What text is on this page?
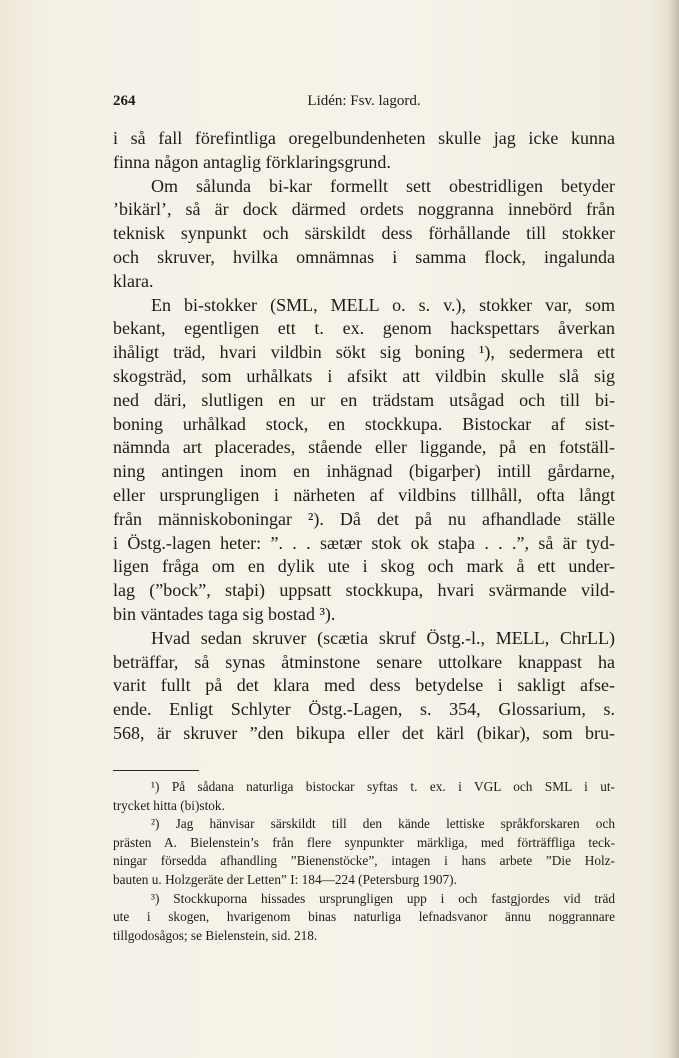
264	Lidén: Fsv. lagord.
i så fall förefintliga oregelbundenheten skulle jag icke kunna
finna någon antaglig förklaringsgrund.
Om sålunda bi-kar formellt sett obestridligen betyder
’bikärl’, så är dock därmed ordets noggranna innebörd från
teknisk synpunkt och särskildt dess förhållande till stokker
och skruver, hvilka omnämnas i samma flock, ingalunda
klara.
En bi-stokker (SML, MELL o. s. v.), stokker var, som
bekant, egentligen ett t. ex. genom hackspettars åverkan
ihåligt träd, hvari vildbin sökt sig boning ¹), sedermera ett
skogsträd, som urhålkats i afsikt att vildbin skulle slå sig
ned däri, slutligen en ur en trädstam utsågad och till bi-
boning urhålkad stock, en stockkupa. Bistockar af sist-
nämnda art placerades, stående eller liggande, på en fotställ-
ning antingen inom en inhägnad (bigarþer) intill gårdarne,
eller ursprungligen i närheten af vildbins tillhåll, ofta långt
från människoboningar ²). Då det på nu afhandlade ställe
i Östg.-lagen heter: ”. . . sætær stok ok staþa . . .”, så är tyd-
ligen fråga om en dylik ute i skog och mark å ett under-
lag (”bock”, staþi) uppsatt stockkupa, hvari svärmande vild-
bin väntades taga sig bostad ³).
Hvad sedan skruver (scætia skruf Östg.-l., MELL, ChrLL)
beträffar, så synas åtminstone senare uttolkare knappast ha
varit fullt på det klara med dess betydelse i sakligt afse-
ende. Enligt Schlyter Östg.-Lagen, s. 354, Glossarium, s.
568, är skruver ”den bikupa eller det kärl (bikar), som bru-
¹) På sådana naturliga bistockar syftas t. ex. i VGL och SML i ut-
trycket hitta (bi)stok.
²) Jag hänvisar särskildt till den kände lettiske språkforskaren och
prästen A. Bielenstein’s från flere synpunkter märkliga, med förträffliga teck-
ningar försedda afhandling ”Bienenstöcke”, intagen i hans arbete ”Die Holz-
bauten u. Holzgeräte der Letten” I: 184—224 (Petersburg 1907).
³) Stockkuporna hissades ursprungligen upp i och fastgjordes vid träd
ute i skogen, hvarigenom binas naturliga lefnadsvanor ännu noggrannare
tillgodosågos; se Bielenstein, sid. 218.
